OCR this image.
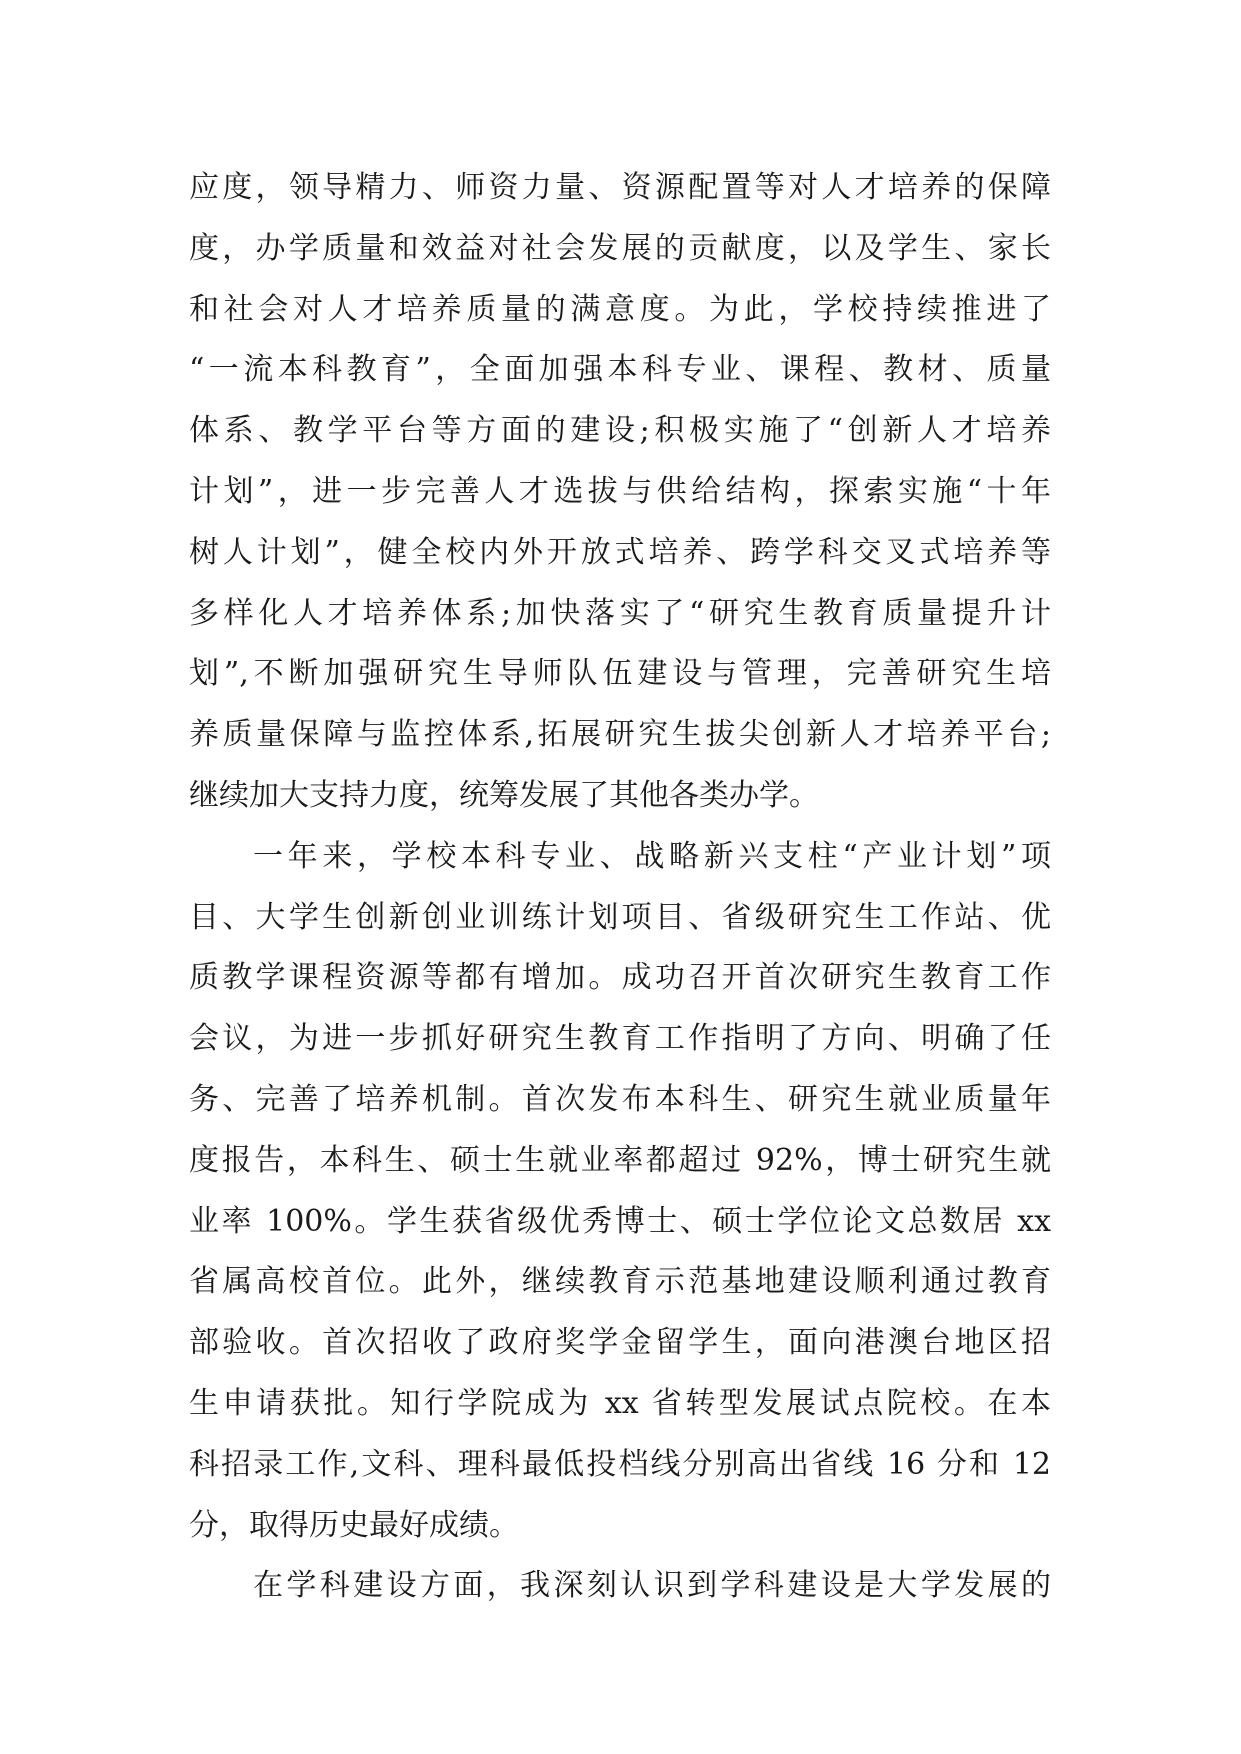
应度，领导精力、师资力量、资源配置等对人才培养的保障
度，办学质量和效益对社会发展的贡献度，以及学生、家长
和社会对人才培养质量的满意度。为此，学校持续推进了
“一流本科教育”，全面加强本科专业、课程、教材、质量
体系、教学平台等方面的建设;积极实施了“创新人才培养
计划”，进一步完善人才选拔与供给结构，探索实施“十年
树人计划”，健全校内外开放式培养、跨学科交叉式培养等
多样化人才培养体系;加快落实了“研究生教育质量提升计
划”,不断加强研究生导师队伍建设与管理，完善研究生培
养质量保障与监控体系,拓展研究生拔尖创新人才培养平台;
继续加大支持力度，统筹发展了其他各类办学。
一年来，学校本科专业、战略新兴支柱“产业计划”项
目、大学生创新创业训练计划项目、省级研究生工作站、优
质教学课程资源等都有增加。成功召开首次研究生教育工作
会议，为进一步抓好研究生教育工作指明了方向、明确了任
务、完善了培养机制。首次发布本科生、研究生就业质量年
度报告，本科生、硕士生就业率都超过 92%，博士研究生就
业率 100%。学生获省级优秀博士、硕士学位论文总数居 xx
省属高校首位。此外，继续教育示范基地建设顺利通过教育
部验收。首次招收了政府奖学金留学生，面向港澳台地区招
生申请获批。知行学院成为 xx 省转型发展试点院校。在本
科招录工作,文科、理科最低投档线分别高出省线 16 分和 12
分，取得历史最好成绩。
在学科建设方面，我深刻认识到学科建设是大学发展的
